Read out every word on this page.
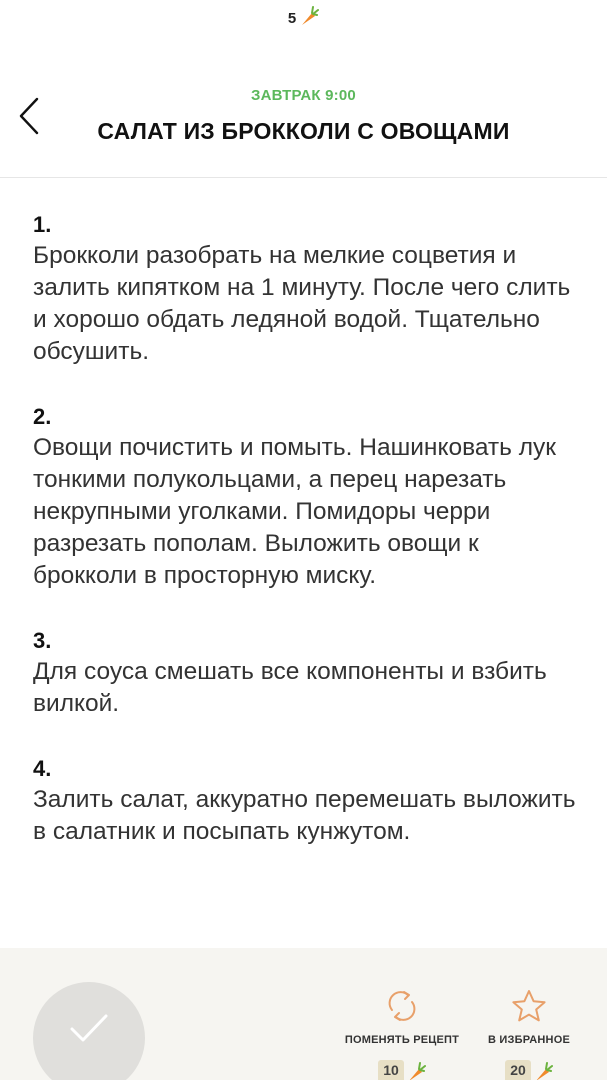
5
ЗАВТРАК 9:00
САЛАТ ИЗ БРОККОЛИ С ОВОЩАМИ
1.
Брокколи разобрать на мелкие соцветия и залить кипятком на 1 минуту. После чего слить и хорошо обдать ледяной водой. Тщательно обсушить.
2.
Овощи почистить и помыть. Нашинковать лук тонкими полукольцами, а перец нарезать некрупными уголками. Помидоры черри разрезать пополам. Выложить овощи к брокколи в просторную миску.
3.
Для соуса смешать все компоненты и взбить вилкой.
4.
Залить салат, аккуратно перемешать выложить в салатник и посыпать кунжутом.
ПОМЕНЯТЬ РЕЦЕПТ
10
В ИЗБРАННОЕ
20
